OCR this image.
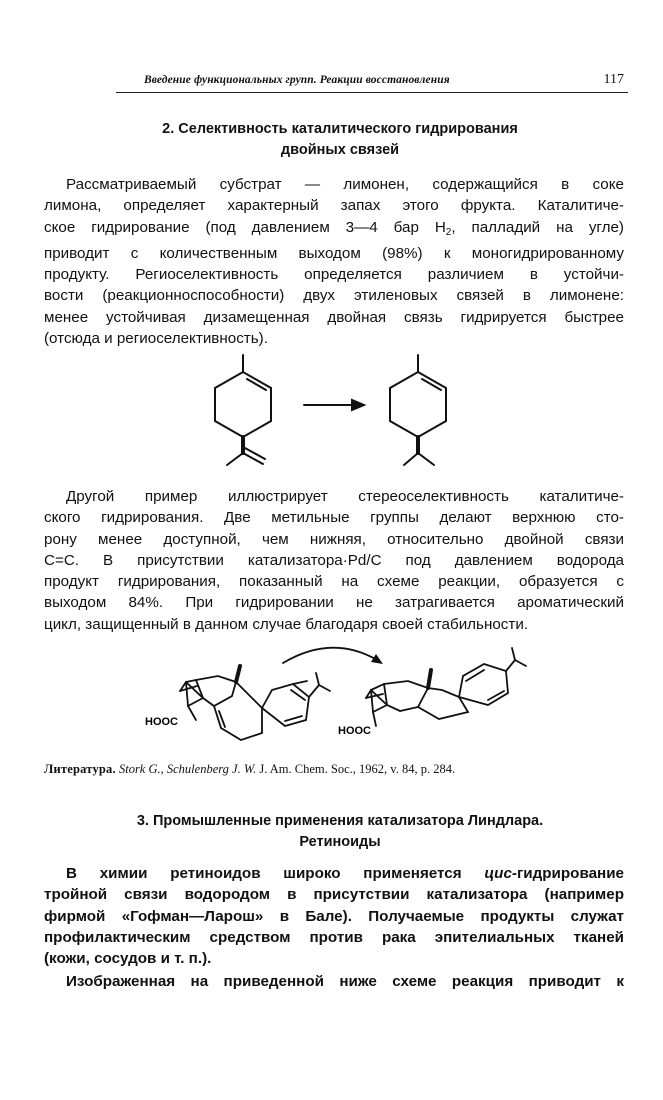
Введение функциональных групп. Реакции восстановления	117
2. Селективность каталитического гидрирования
двойных связей
Рассматриваемый субстрат — лимонен, содержащийся в соке
лимона, определяет характерный запах этого фрукта. Каталитиче-
ское гидрирование (под давлением 3—4 бар $H_2$, палладий на угле)
приводит с количественным выходом (98%) к моногидрированному
продукту. Региоселективность определяется различием в устойчи-
вости (реакционноспособности) двух этиленовых связей в лимонене:
менее устойчивая дизамещенная двойная связь гидрируется быстрее
(отсюда и региоселективность).
Другой пример иллюстрирует стереоселективность каталитиче-
ского гидрирования. Две метильные группы делают верхнюю сто-
рону менее доступной, чем нижняя, относительно двойной связи
C=C. В присутствии катализатора·Pd/C под давлением водорода
продукт гидрирования, показанный на схеме реакции, образуется с
выходом 84%. При гидрировании не затрагивается ароматический
цикл, защищенный в данном случае благодаря своей стабильности.
HOOC
HOOC
Литература. Stork G., Schulenberg J. W. J. Am. Chem. Soc., 1962, v. 84, p. 284.
3. Промышленные применения катализатора Линдлара.
Ретиноиды
В химии ретиноидов широко применяется цис-гидрирование
тройной связи водородом в присутствии катализатора (например
фирмой «Гофман—Ларош» в Бале). Получаемые продукты служат
профилактическим средством против рака эпителиальных тканей
(кожи, сосудов и т. п.).
Изображенная на приведенной ниже схеме реакция приводит к
